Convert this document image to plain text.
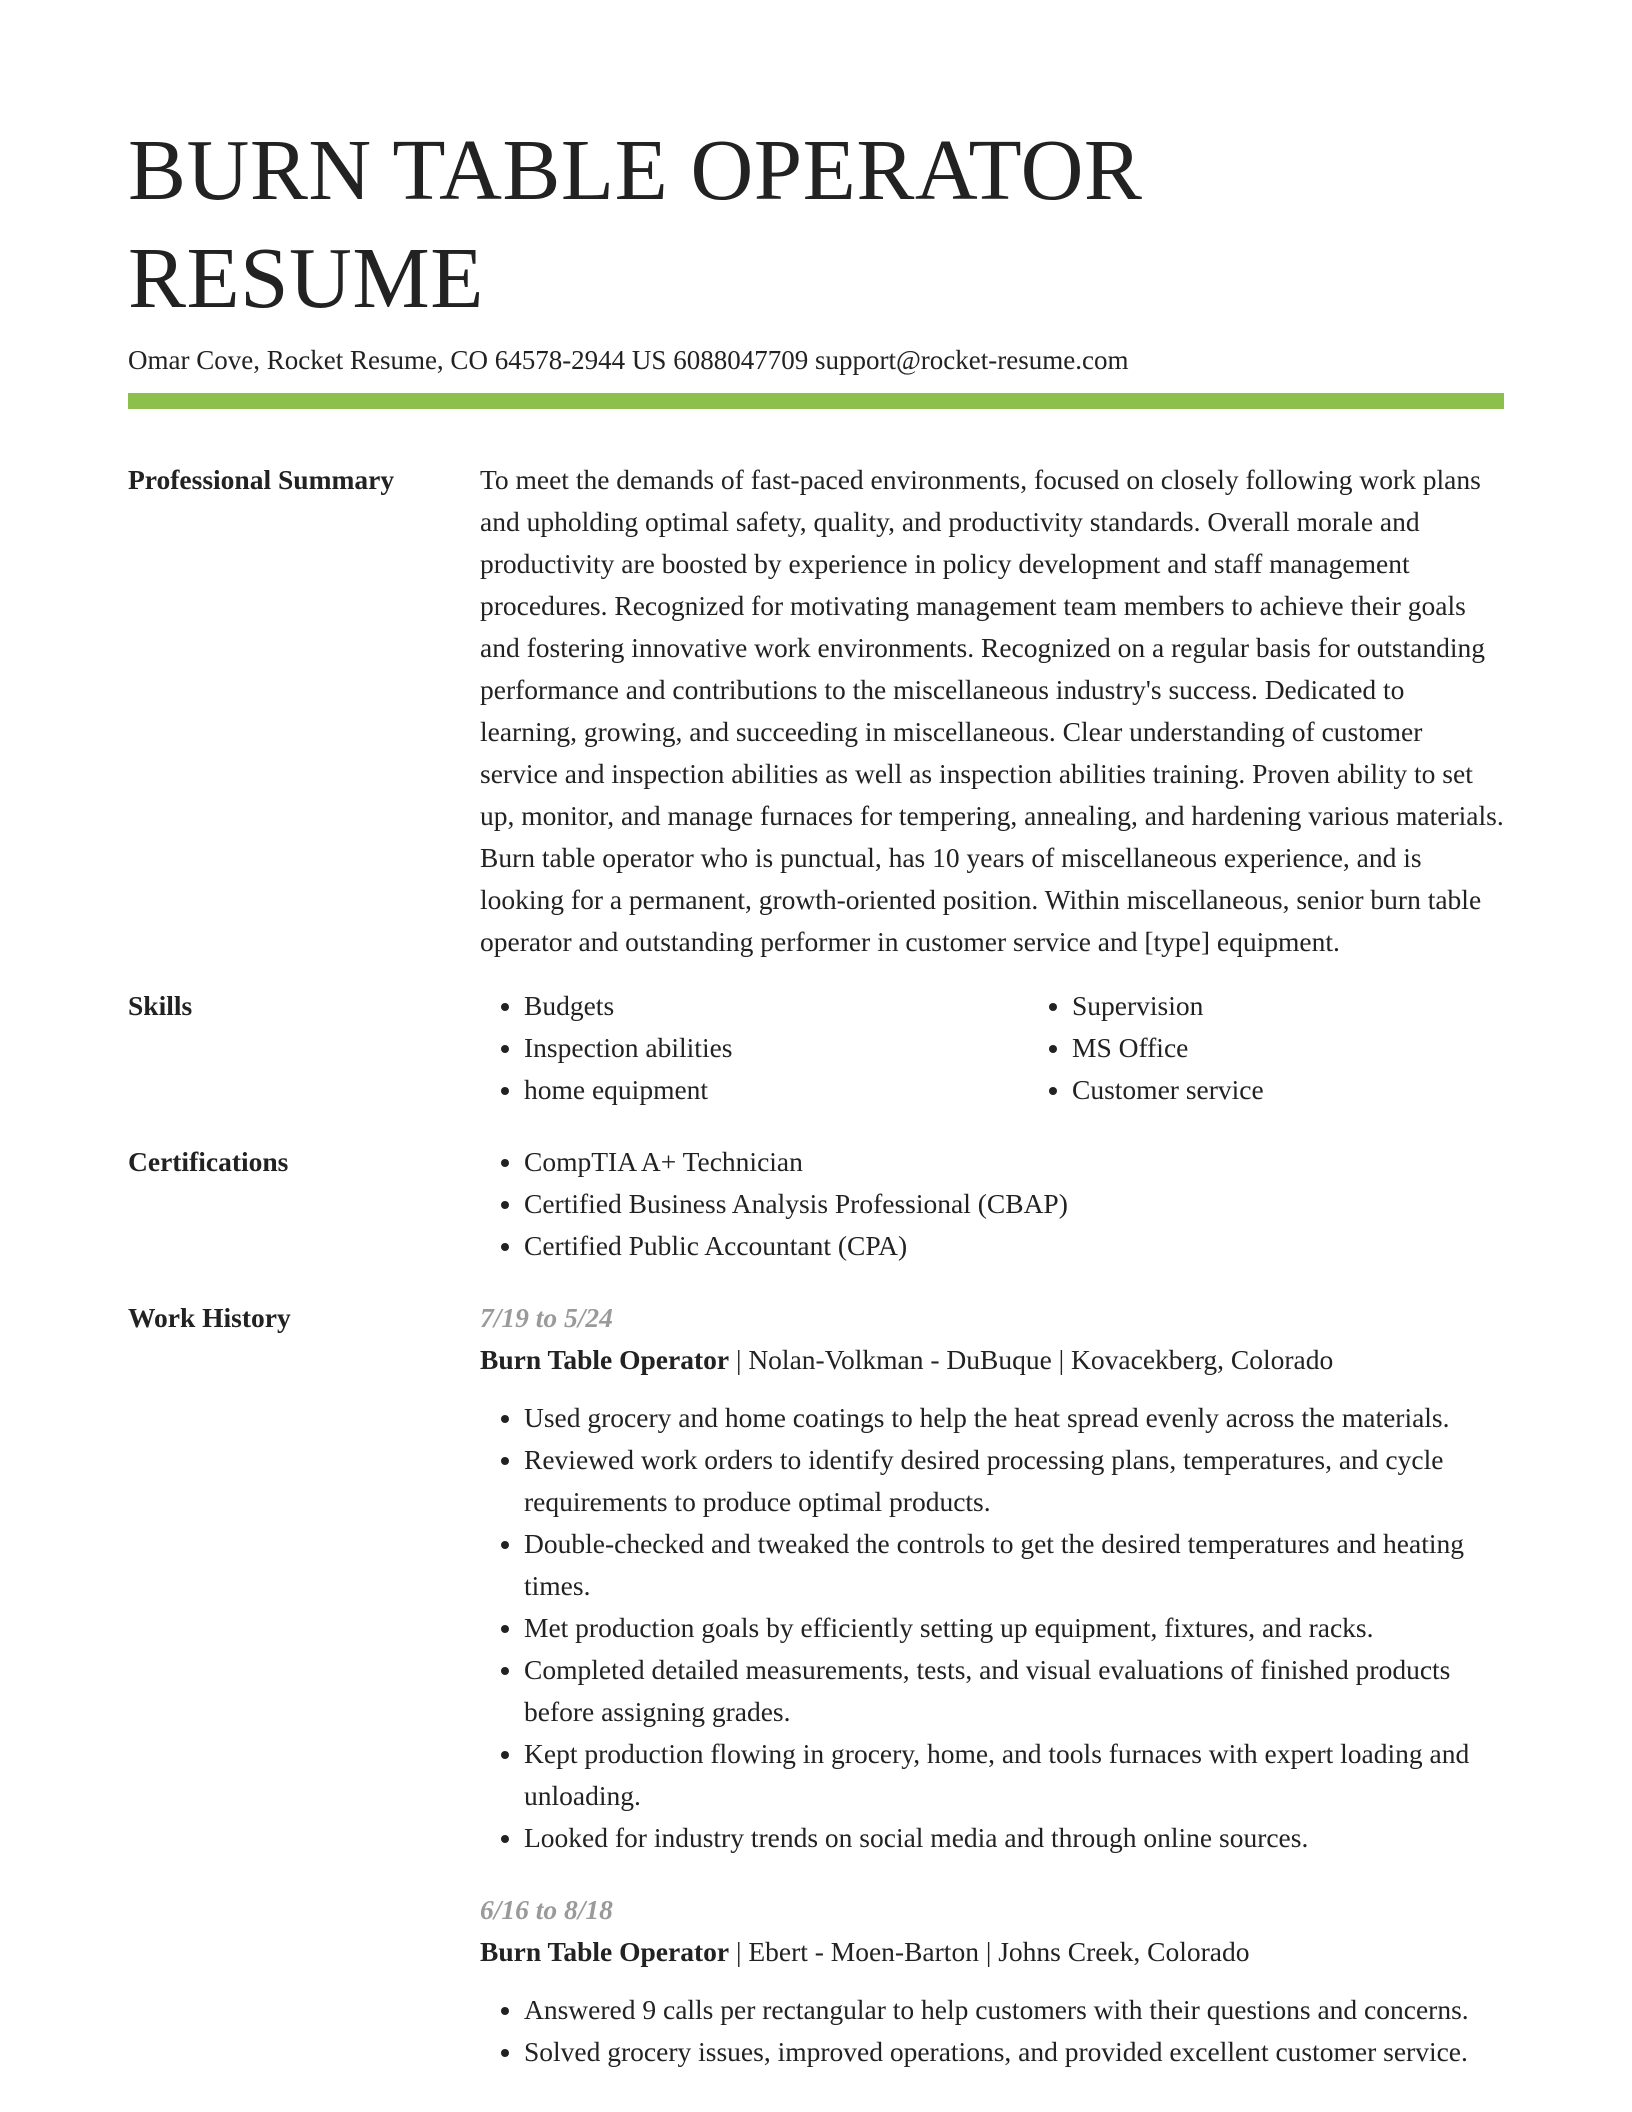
BURN TABLE OPERATOR RESUME
Omar Cove, Rocket Resume, CO 64578-2944 US 6088047709 support@rocket-resume.com
Professional Summary	To meet the demands of fast-paced environments, focused on closely following work plans and upholding optimal safety, quality, and productivity standards. Overall morale and productivity are boosted by experience in policy development and staff management procedures. Recognized for motivating management team members to achieve their goals and fostering innovative work environments. Recognized on a regular basis for outstanding performance and contributions to the miscellaneous industry's success. Dedicated to learning, growing, and succeeding in miscellaneous. Clear understanding of customer service and inspection abilities as well as inspection abilities training. Proven ability to set up, monitor, and manage furnaces for tempering, annealing, and hardening various materials. Burn table operator who is punctual, has 10 years of miscellaneous experience, and is looking for a permanent, growth-oriented position. Within miscellaneous, senior burn table operator and outstanding performer in customer service and [type] equipment.

Skills	• Budgets
• Inspection abilities
• home equipment
• Supervision
• MS Office
• Customer service
Certifications	• CompTIA A+ Technician
• Certified Business Analysis Professional (CBAP)
• Certified Public Accountant (CPA)
Work History	7/19 to 5/24

Burn Table Operator | Nolan-Volkman - DuBuque | Kovacekberg, Colorado

• Used grocery and home coatings to help the heat spread evenly across the materials.
• Reviewed work orders to identify desired processing plans, temperatures, and cycle requirements to produce optimal products.
• Double-checked and tweaked the controls to get the desired temperatures and heating times.
• Met production goals by efficiently setting up equipment, fixtures, and racks.
• Completed detailed measurements, tests, and visual evaluations of finished products before assigning grades.
• Kept production flowing in grocery, home, and tools furnaces with expert loading and unloading.
• Looked for industry trends on social media and through online sources.
6/16 to 8/18

Burn Table Operator | Ebert - Moen-Barton | Johns Creek, Colorado

• Answered 9 calls per rectangular to help customers with their questions and concerns.
• Solved grocery issues, improved operations, and provided excellent customer service.
